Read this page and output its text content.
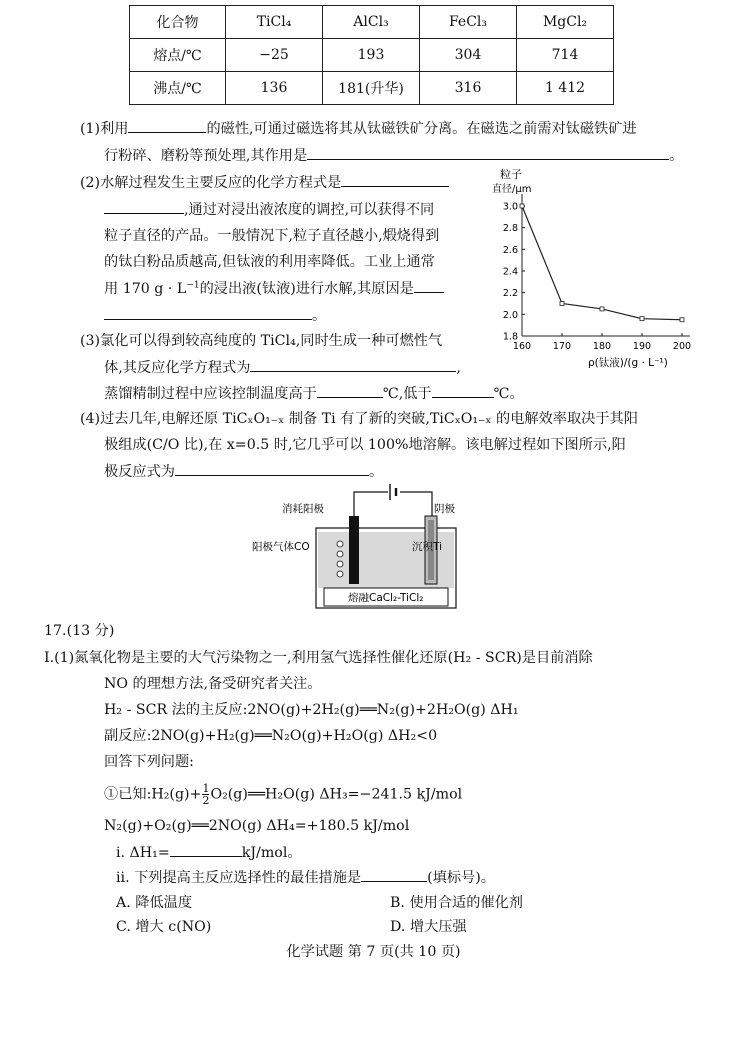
化合物	TiCl₄	AlCl₃	FeCl₃	MgCl₂
熔点/℃	−25	193	304	714
沸点/℃	136	181(升华)	316	1 412
(1)利用	的磁性,可通过磁选将其从钛磁铁矿分离。在磁选之前需对钛磁铁矿进
行粉碎、磨粉等预处理,其作用是	。
(2)水解过程发生主要反应的化学方程式是
,通过对浸出液浓度的调控,可以获得不同
粒子直径的产品。一般情况下,粒子直径越小,煅烧得到
的钛白粉品质越高,但钛液的利用率降低。工业上通常
用 170 $g \cdot L^{-1}$的浸出液(钛液)进行水解,其原因是
。
粒子
直径/μm
1.8
2.0
2.2
2.4
2.6
2.8
3.0
160 170 180 190 200
ρ(钛液)/(g · L⁻¹)
(3)氯化可以得到较高纯度的 TiCl₄,同时生成一种可燃性气
体,其反应化学方程式为	,
蒸馏精制过程中应该控制温度高于	℃,低于	℃。
(4)过去几年,电解还原 TiCₓO₁₋ₓ 制备 Ti 有了新的突破,TiCₓO₁₋ₓ 的电解效率取决于其阳
极组成(C/O 比),在 x=0.5 时,它几乎可以 100%地溶解。该电解过程如下图所示,阳
极反应式为	。
消耗阳极	阴极
阳极气体CO	沉积Ti
熔融CaCl₂-TiCl₂
17.(13 分)
Ⅰ.(1)氮氧化物是主要的大气污染物之一,利用氢气选择性催化还原(H₂ - SCR)是目前消除
NO 的理想方法,备受研究者关注。
H₂ - SCR 法的主反应:2NO(g)+2H₂(g)══N₂(g)+2H₂O(g) ΔH₁
副反应:2NO(g)+H₂(g)══N₂O(g)+H₂O(g) ΔH₂<0
回答下列问题:
①已知:H₂(g)+ $\frac{1}{2}$ O₂(g)══H₂O(g) ΔH₃=−241.5 kJ/mol
N₂(g)+O₂(g)══2NO(g) ΔH₄=+180.5 kJ/mol
ⅰ. ΔH₁=	kJ/mol。
ⅱ. 下列提高主反应选择性的最佳措施是	(填标号)。
A. 降低温度	B. 使用合适的催化剂
C. 增大 c(NO)	D. 增大压强
化学试题 第 7 页(共 10 页)
